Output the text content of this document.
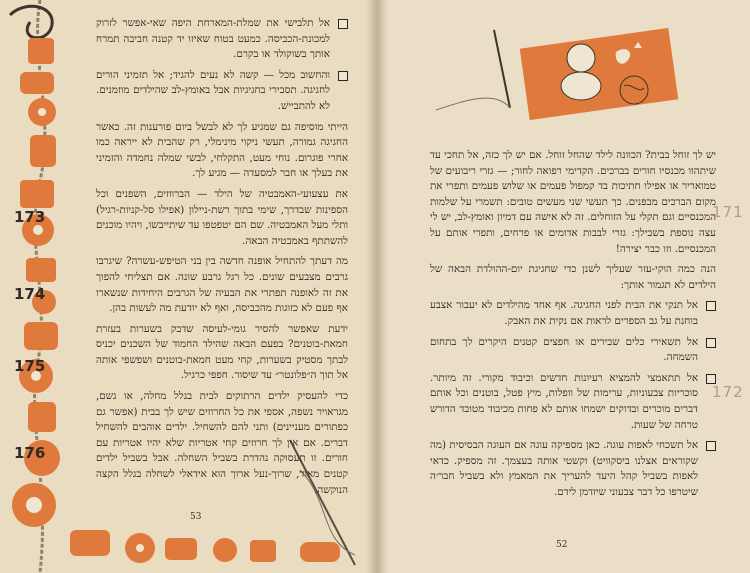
אל תלבישי את שמלת-המארחת היפה שאי-אפשר לזרוק למכונת-הכביסה. כמעט בטוח שאיזו יד קטנה חביבה תמרח אותך בשוקולד או בקרם.
והחשוב מכל — קשה לא נעים להגיד; אל תזמיני הורים לחגיגה. תסבירי בחגיגיות אבל באומץ-לב שהילדים מוזמנים. לא להתביישׁ.

הייתי מוסיפה גם שמגיע לך לא לבשל ביום פורענות זה. כאשר החגיגה גמורה, תעשי ניקוי מינימלי, רק שהבית לא ייראה כמו אחרי פוגרום. נוחי מעט, התקלחי, לבשי שמלה נחמדה והזמיני את בעלך או חבר למסעדה — מגיע לך.

את עצעועי-האמבטיה של הילד — הברווזים, השפנים וכל הספינות שבדרך, שימי בתוך רשת-ניילון (אפילו סל-קניות-רגיל) ותלי מעל האמבטיה. שם הם יטפטפו עד שיתייבשו, ויהיו מוכנים להשתתף באמבטיה הבאה.

מה דעתך להתחיל אופנה חדשה בין בני הטיפש-עשרה? שיגרבו גרבים מצבעים שונים. כל רגל גרבע שונה. אם תצליחי להפוך את זה לאופנה תפתרי את הבעיה של הגרבים היחידות שנשארו אף פעם לא כזוגות מהכביסה, ואף לא יודעת מה לעשות בהן.

ידעת שאפשר להסיר גומי-לעיסה שדבק בשערות בעזרת חמאת-בוטנים? בפעם הבאה שהילד החמוד של השכנים יכניס לבתך מסטיק בשערות, קחי מעט חמאת-בוטנים ושפשפי אותה אל תוך ה״פלונטר״ עד שיסור. חפפי כרגיל.

כדי להעסיק ילדים הרתוקים לבית בגלל מחלה, או גשם, מגראויר נשפה, אספי את כל החרוזים שיש לך בבית (אפשר גם כפתורים מעניינים) ותני להם להשחיל. ילדים אוהבים להשחיל דברים. אם אין לך חרוזים קחי אטריות שלא יהיו אטריות עם חורים. זו תעסוקה נהדרת בשביל השחלה. אבל בשביל ילדים קטנים מאוד, שרוך-נעל ארוך הוא אידאלי לשחלה בגלל הקצה הנוקשה.

173
174
175
176
53

יש לך זוחל בבית? הכוונה לילד שהחל זוחל. אם יש לך כזה, אל תחכי עד שיתהוו מכנסיו חורים בברכים. הקדימי רפואה לחור; — גזרי ריבועים של טמואריר או אפילו חתיכות בד קמפול פעמים או שלוש פעמים ותפרי את מקום הברכים מבפנים. כך תעשי שני מעשים טובים: תשמרי על שלמות המכנסיים וגם תקלי על הזוחלים. זה לא אישה עם דמיון ואומץ-לב, יש לי עצה נוספת בשבילך: גזרי לבבות אדומים או פרחים, ותפרי אותם על המכנסיים. וזו כבר יצירה!

הנה כמה הוקי-עזר שעליך לשנן כדי שחגיגת יום-ההולדת הבאה של הילדים לא תגמור אותך:

אל תנקי את הבית לפני החגיגה. אף אחד מהילדים לא יעבור אצבע בוחנת על גב הספרים לראות אם נקית את האבק.
אל תשאירי כלים שבירים או חפצים קטנים היקרים לך בתחום השמחה.
אל תתאמצי להמציא רעיונות חדשים וכיבוד מקורי. זה מיותר. סוכריות צבעוניות, ערימות של וופלות, מיץ פטל, בוטנים וכל אותם דברים מוכרים ובדוקים ישמחו אותם לא פחות מכיבוד מטובד הדורש טרחה של שעות.
אל תשכחי לאפות עוגה. כאן מספיקה עוגה אם העוגה הבסיסית (מה שקוראים אצלנו ביסקוויט) וקשטי אותה בעצמך. זה מספיק. כדאי לאפות בשביל קהל היעד להעריך את המאמץ ולא בשביל חבר׳ה שיטרפו כל דבר צבעוני שיזדמן לידם.
171
172
52
